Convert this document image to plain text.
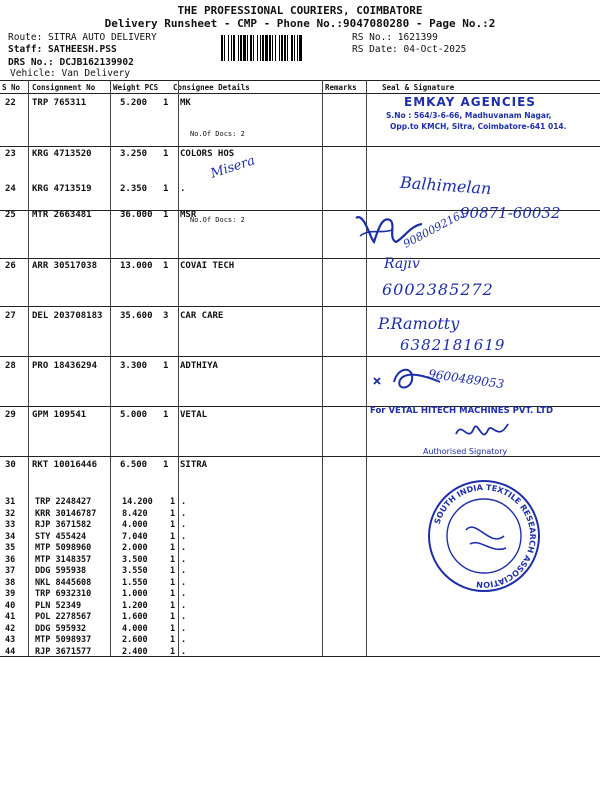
THE PROFESSIONAL COURIERS, COIMBATORE
Delivery Runsheet - CMP - Phone No.:9047080280 - Page No.:2
Route: SITRA AUTO DELIVERY
Staff: SATHEESH.PSS
DRS No.: DCJB162139902
Vehicle: Van Delivery
RS No.: 1621399
RS Date: 04-Oct-2025
S No Consignment No Weight PCS Consignee Details	Remarks	Seal & Signature
22 TRP 765311	5.200 1 MK
No.Of Docs: 2
23 KRG 4713520	3.250 1 COLORS HOS
24 KRG 4713519	2.350 1 .
No.Of Docs: 2
25 MTR 2663481	36.000 1 MSR
26 ARR 30517038	13.000 1 COVAI TECH
27 DEL 203708183 35.600 3 CAR CARE
28 PRO 18436294	3.300 1 ADTHIYA
29 GPM 109541	5.000 1 VETAL
30 RKT 10016446	6.500 1 SITRA
31 TRP 2248427	14.200 1 .
32 KRR 30146787	8.420	1 .
33 RJP 3671582	4.000	1 .
34 STY 455424	7.040	1 .
35 MTP 5098960	2.000	1 .
36 MTP 3148357	3.500	1 .
37 DDG 595938	3.550	1 .
38 NKL 8445608	1.550	1 .
39 TRP 6932310	1.000	1 .
40 PLN 52349	1.200	1 .
41 POL 2278567	1.600	1 .
42 DDG 595932	4.000	1 .
43 MTP 5098937	2.600	1 .
44 RJP 3671577	2.400	1 .
EMKAY AGENCIES
S.No : 564/3-6-66, Madhuvanam Nagar,
Opp.to KMCH, Sitra, Coimbatore-641 014.
Misera
Balhimelan
90871-60032
9080092161
Rajiv
6002385272
P.Ramotty
6382181619
9600489053
For VETAL HITECH MACHINES PVT. LTD
Authorised Signatory
SOUTH INDIA TEXTILE RESEARCH ASSOCIATION
